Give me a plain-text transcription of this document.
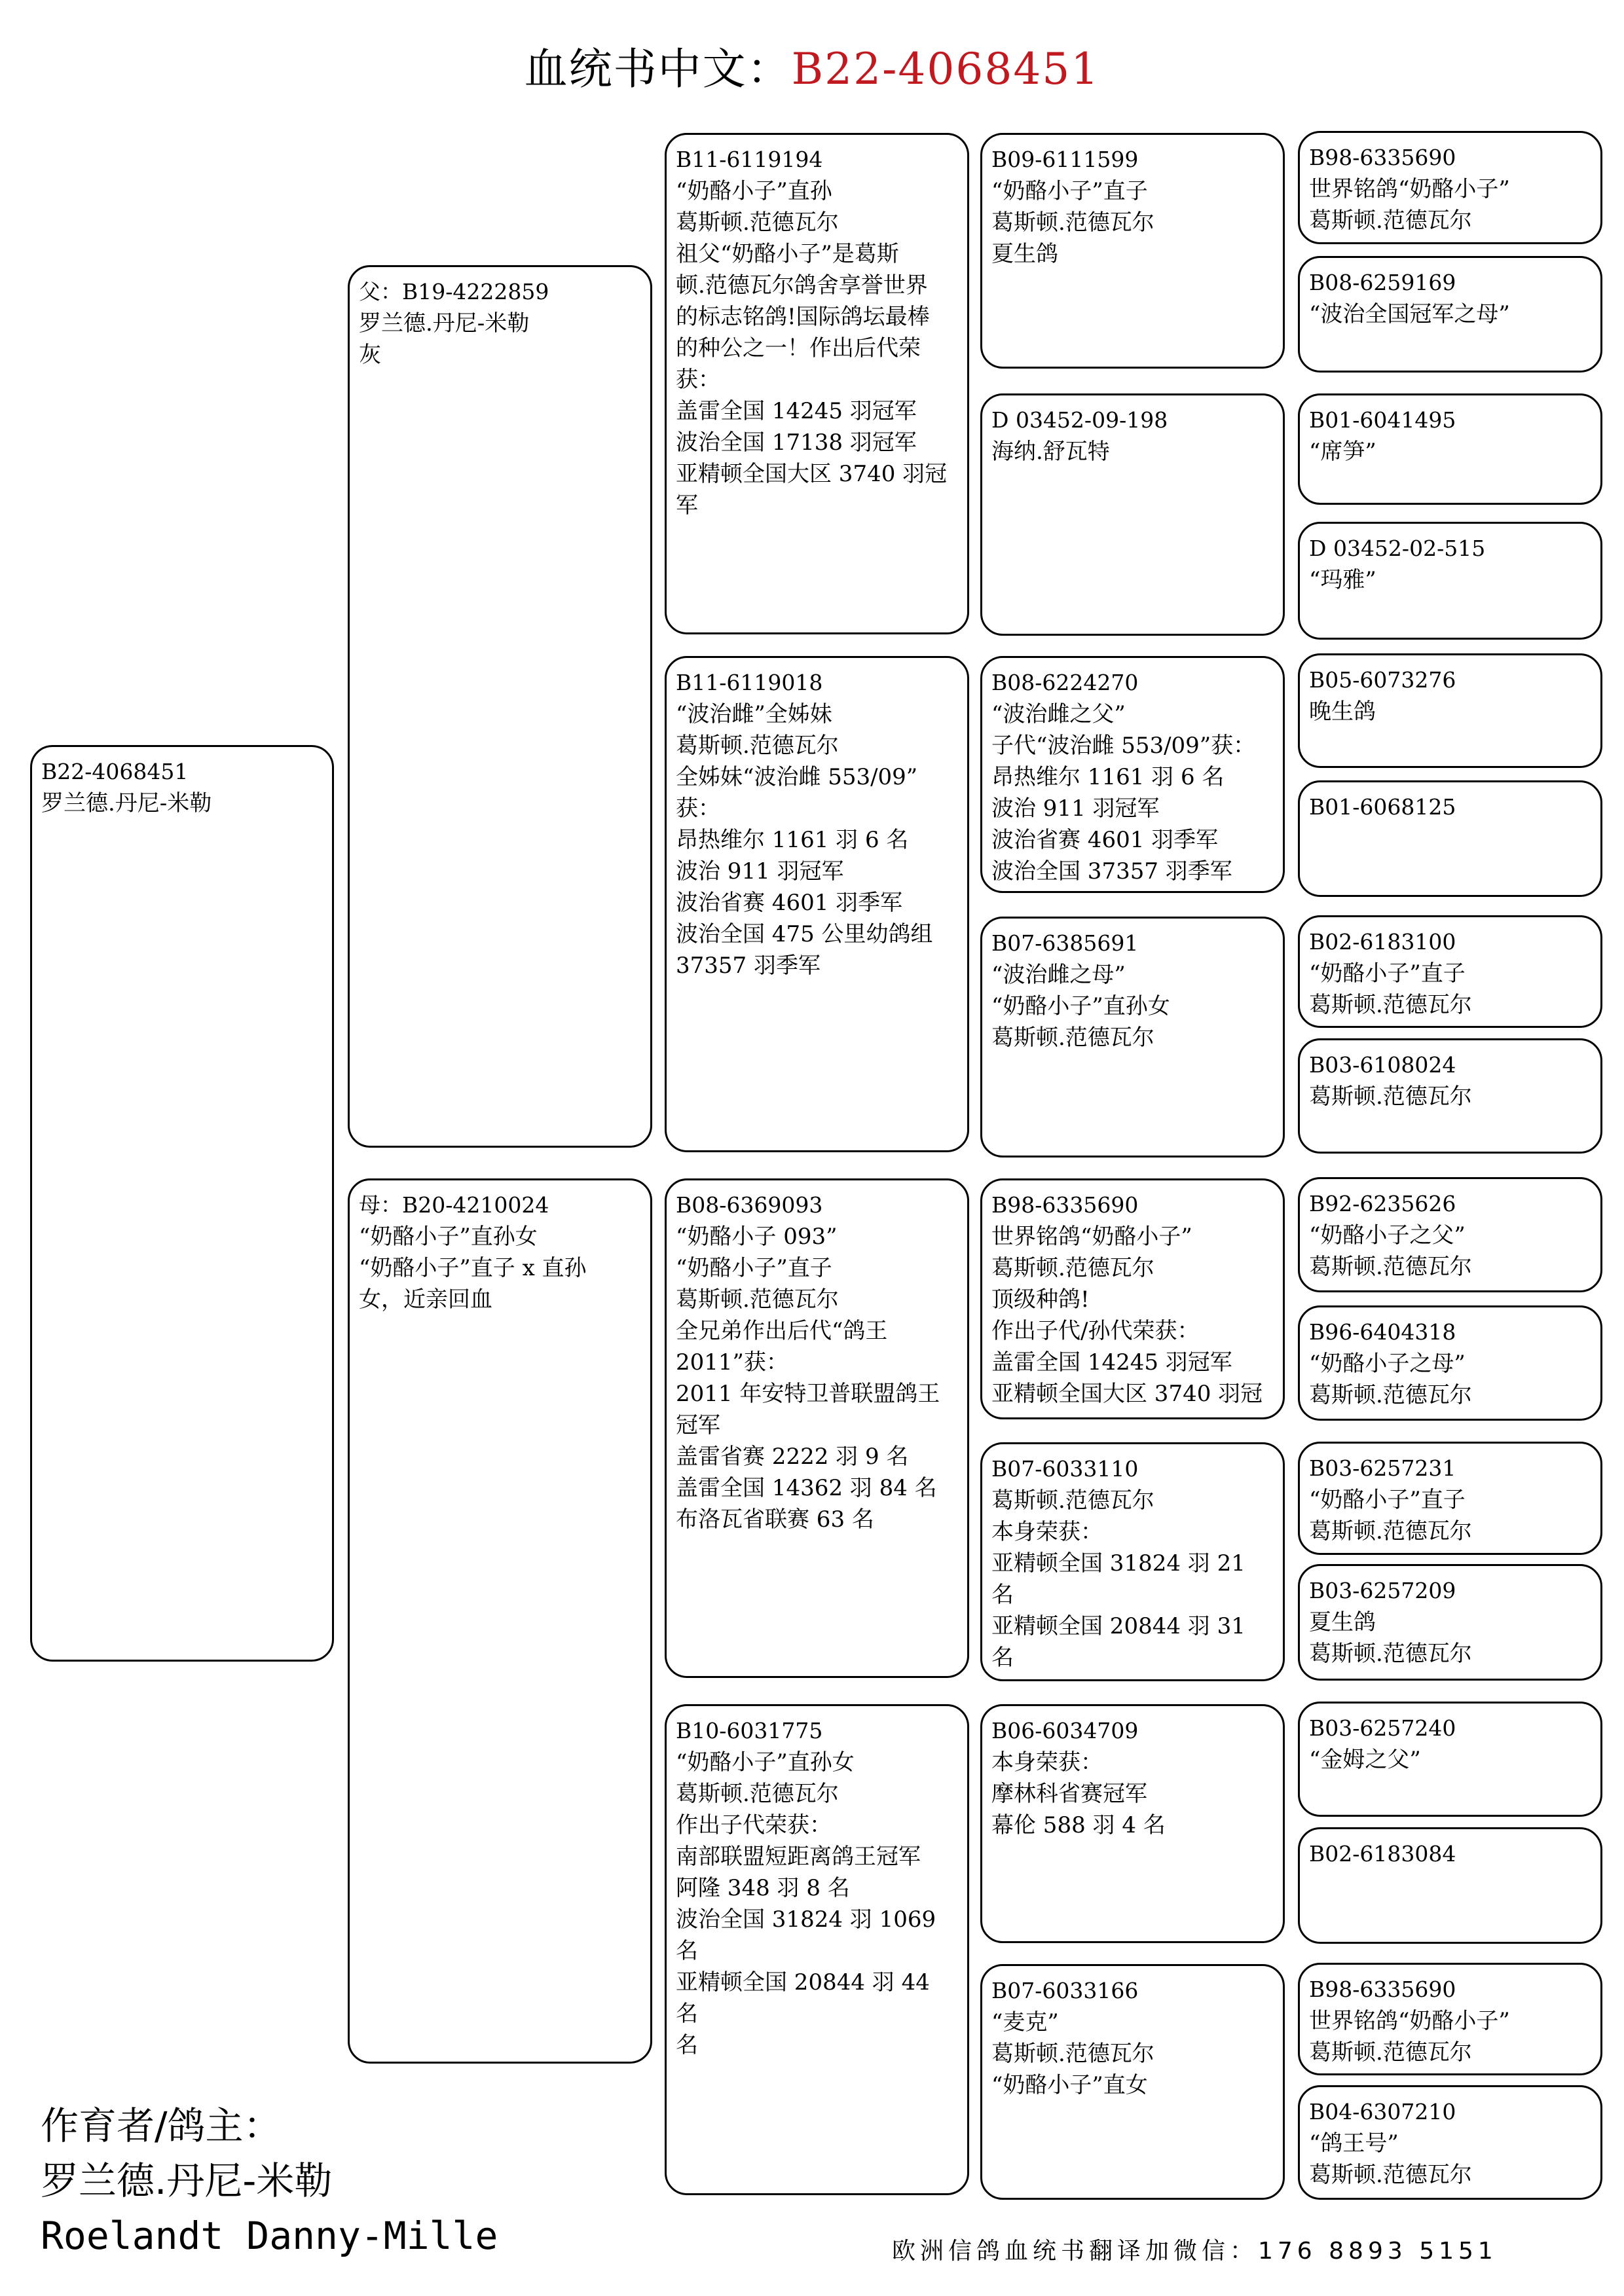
血统书中文：B22-4068451
B22-4068451
罗兰德.丹尼-米勒
父：B19-4222859
罗兰德.丹尼-米勒
灰
母：B20-4210024
“奶酪小子”直孙女
“奶酪小子”直子 x 直孙
女，近亲回血
B11-6119194
“奶酪小子”直孙
葛斯顿.范德瓦尔
祖父“奶酪小子”是葛斯
顿.范德瓦尔鸽舍享誉世界
的标志铭鸽!国际鸽坛最棒
的种公之一！作出后代荣
获：
盖雷全国 14245 羽冠军
波治全国 17138 羽冠军
亚精顿全国大区 3740 羽冠
军
B11-6119018
“波治雌”全姊妹
葛斯顿.范德瓦尔
全姊妹“波治雌 553/09”
获：
昂热维尔 1161 羽 6 名
波治 911 羽冠军
波治省赛 4601 羽季军
波治全国 475 公里幼鸽组
37357 羽季军
B08-6369093
“奶酪小子 093”
“奶酪小子”直子
葛斯顿.范德瓦尔
全兄弟作出后代“鸽王
2011”获：
2011 年安特卫普联盟鸽王
冠军
盖雷省赛 2222 羽 9 名
盖雷全国 14362 羽 84 名
布洛瓦省联赛 63 名
B10-6031775
“奶酪小子”直孙女
葛斯顿.范德瓦尔
作出子代荣获：
南部联盟短距离鸽王冠军
阿隆 348 羽 8 名
波治全国 31824 羽 1069 名
亚精顿全国 20844 羽 44 名
名
B09-6111599
“奶酪小子”直子
葛斯顿.范德瓦尔
夏生鸽
D 03452-09-198
海纳.舒瓦特
B08-6224270
“波治雌之父”
子代“波治雌 553/09”获：
昂热维尔 1161 羽 6 名
波治 911 羽冠军
波治省赛 4601 羽季军
波治全国 37357 羽季军
B07-6385691
“波治雌之母”
“奶酪小子”直孙女
葛斯顿.范德瓦尔
B98-6335690
世界铭鸽“奶酪小子”
葛斯顿.范德瓦尔
顶级种鸽!
作出子代/孙代荣获：
盖雷全国 14245 羽冠军
亚精顿全国大区 3740 羽冠
B07-6033110
葛斯顿.范德瓦尔
本身荣获：
亚精顿全国 31824 羽 21 名
亚精顿全国 20844 羽 31 名
B06-6034709
本身荣获：
摩林科省赛冠军
幕伦 588 羽 4 名
B07-6033166
“麦克”
葛斯顿.范德瓦尔
“奶酪小子”直女
B98-6335690
世界铭鸽“奶酪小子”
葛斯顿.范德瓦尔
B08-6259169
“波治全国冠军之母”
B01-6041495
“席笋”
D 03452-02-515
“玛雅”
B05-6073276
晚生鸽
B01-6068125
B02-6183100
“奶酪小子”直子
葛斯顿.范德瓦尔
B03-6108024
葛斯顿.范德瓦尔
B92-6235626
“奶酪小子之父”
葛斯顿.范德瓦尔
B96-6404318
“奶酪小子之母”
葛斯顿.范德瓦尔
B03-6257231
“奶酪小子”直子
葛斯顿.范德瓦尔
B03-6257209
夏生鸽
葛斯顿.范德瓦尔
B03-6257240
“金姆之父”
B02-6183084
B98-6335690
世界铭鸽“奶酪小子”
葛斯顿.范德瓦尔
B04-6307210
“鸽王号”
葛斯顿.范德瓦尔
作育者/鸽主：
罗兰德.丹尼-米勒
Roelandt Danny-Mille	欧洲信鸽血统书翻译加微信：176 8893 5151
